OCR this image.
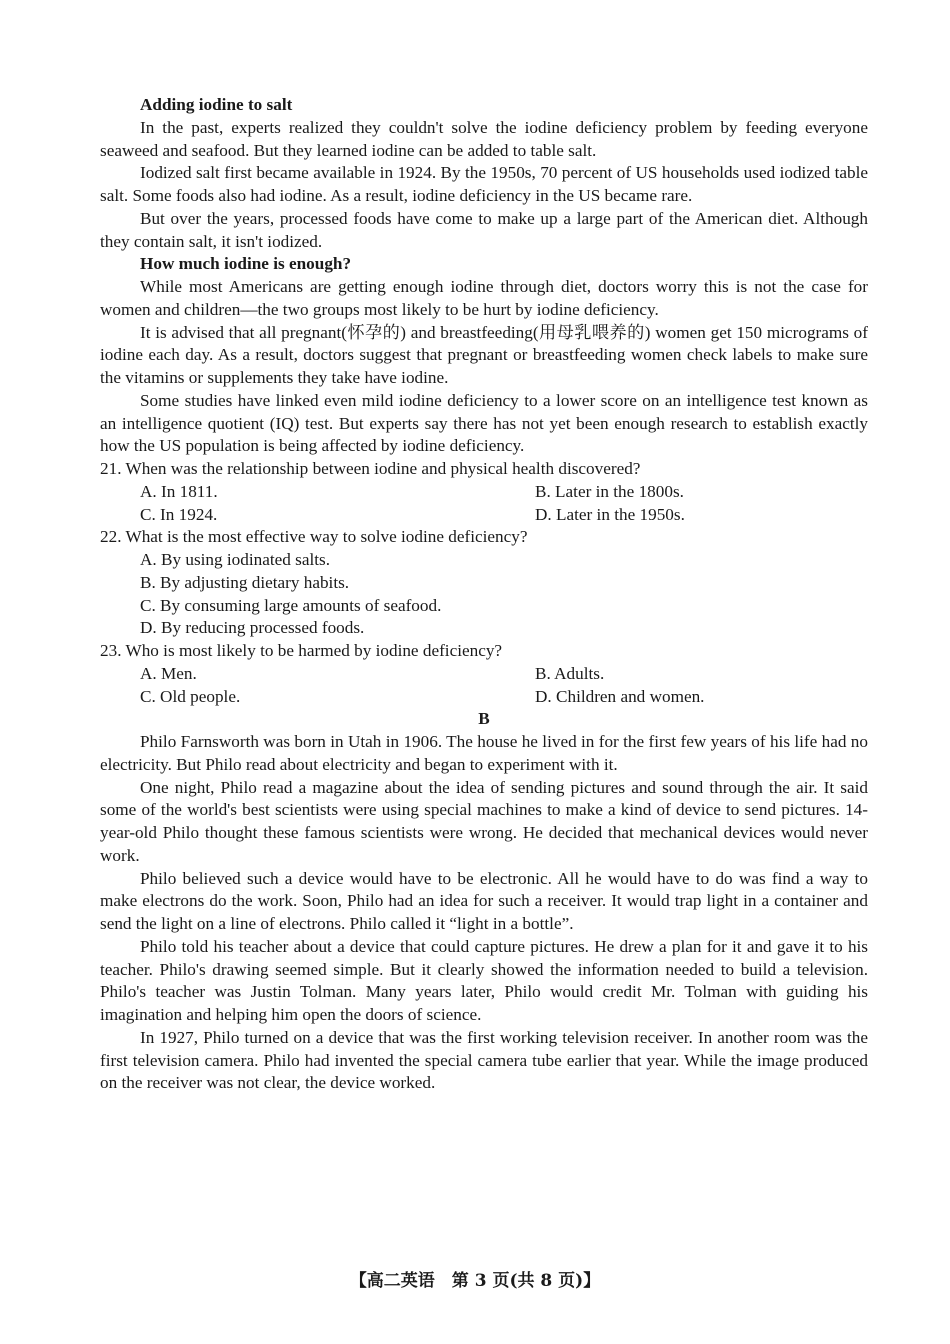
Adding iodine to salt

In the past, experts realized they couldn't solve the iodine deficiency problem by feeding everyone seaweed and seafood. But they learned iodine can be added to table salt.

Iodized salt first became available in 1924. By the 1950s, 70 percent of US households used iodized table salt. Some foods also had iodine. As a result, iodine deficiency in the US became rare.

But over the years, processed foods have come to make up a large part of the American diet. Although they contain salt, it isn't iodized.

How much iodine is enough?

While most Americans are getting enough iodine through diet, doctors worry this is not the case for women and children—the two groups most likely to be hurt by iodine deficiency.

It is advised that all pregnant(怀孕的) and breastfeeding(用母乳喂养的) women get 150 micrograms of iodine each day. As a result, doctors suggest that pregnant or breastfeeding women check labels to make sure the vitamins or supplements they take have iodine.

Some studies have linked even mild iodine deficiency to a lower score on an intelligence test known as an intelligence quotient (IQ) test. But experts say there has not yet been enough research to establish exactly how the US population is being affected by iodine deficiency.

21. When was the relationship between iodine and physical health discovered?

A. In 1811.	B. Later in the 1800s.
C. In 1924.	D. Later in the 1950s.

22. What is the most effective way to solve iodine deficiency?

A. By using iodinated salts.
B. By adjusting dietary habits.
C. By consuming large amounts of seafood.
D. By reducing processed foods.

23. Who is most likely to be harmed by iodine deficiency?

A. Men.	B. Adults.
C. Old people.	D. Children and women.

B

Philo Farnsworth was born in Utah in 1906. The house he lived in for the first few years of his life had no electricity. But Philo read about electricity and began to experiment with it.

One night, Philo read a magazine about the idea of sending pictures and sound through the air. It said some of the world's best scientists were using special machines to make a kind of device to send pictures. 14-year-old Philo thought these famous scientists were wrong. He decided that mechanical devices would never work.

Philo believed such a device would have to be electronic. All he would have to do was find a way to make electrons do the work. Soon, Philo had an idea for such a receiver. It would trap light in a container and send the light on a line of electrons. Philo called it “light in a bottle”.

Philo told his teacher about a device that could capture pictures. He drew a plan for it and gave it to his teacher. Philo's drawing seemed simple. But it clearly showed the information needed to build a television. Philo's teacher was Justin Tolman. Many years later, Philo would credit Mr. Tolman with guiding his imagination and helping him open the doors of science.

In 1927, Philo turned on a device that was the first working television receiver. In another room was the first television camera. Philo had invented the special camera tube earlier that year. While the image produced on the receiver was not clear, the device worked.

【高二英语　第 3 页(共 8 页)】
